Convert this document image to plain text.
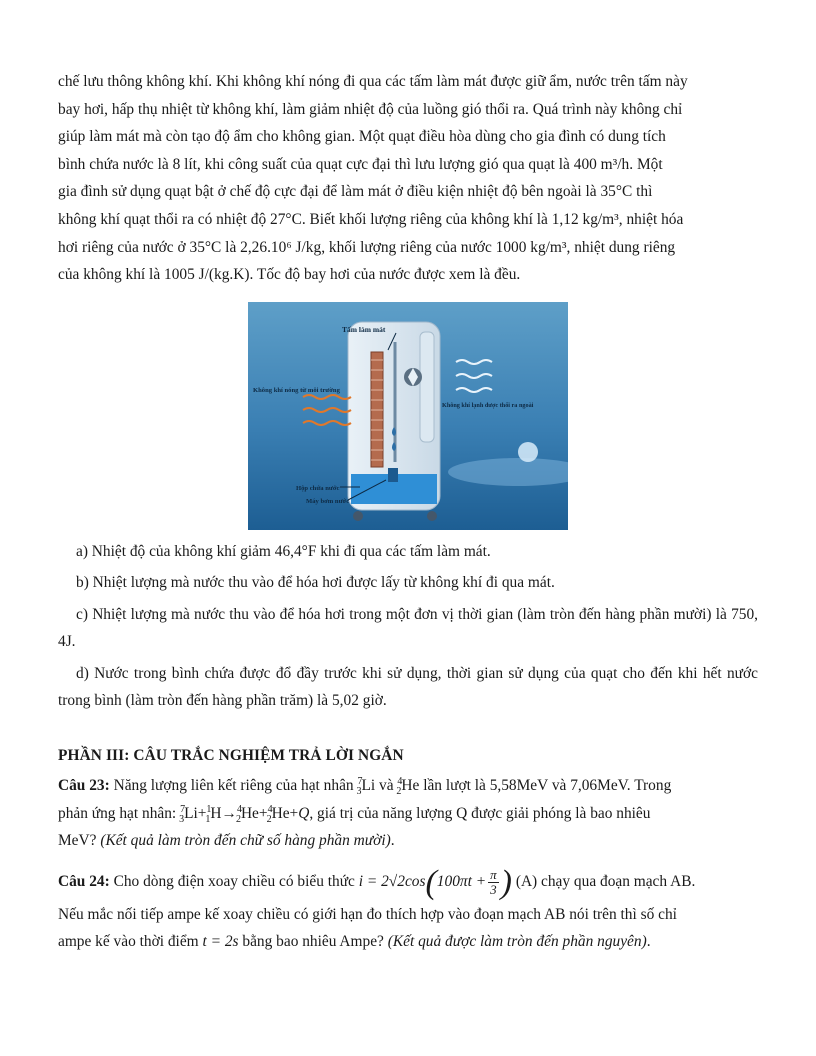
chế lưu thông không khí. Khi không khí nóng đi qua các tấm làm mát được giữ ẩm, nước trên tấm này

bay hơi, hấp thụ nhiệt từ không khí, làm giảm nhiệt độ của luồng gió thổi ra. Quá trình này không chỉ

giúp làm mát mà còn tạo độ ẩm cho không gian. Một quạt điều hòa dùng cho gia đình có dung tích

bình chứa nước là 8 lít, khi công suất của quạt cực đại thì lưu lượng gió qua quạt là 400 m³/h. Một

gia đình sử dụng quạt bật ở chế độ cực đại để làm mát ở điều kiện nhiệt độ bên ngoài là 35°C thì

không khí quạt thổi ra có nhiệt độ 27°C. Biết khối lượng riêng của không khí là 1,12 kg/m³, nhiệt hóa

hơi riêng của nước ở 35°C là 2,26.10⁶ J/kg, khối lượng riêng của nước 1000 kg/m³, nhiệt dung riêng

của không khí là 1005 J/(kg.K). Tốc độ bay hơi của nước được xem là đều.

Tấm làm mát
Không khí nóng từ môi trường
Không khí lạnh được thổi ra ngoài
Hộp chứa nước
Máy bơm nước

a) Nhiệt độ của không khí giảm 46,4°F khi đi qua các tấm làm mát.

b) Nhiệt lượng mà nước thu vào để hóa hơi được lấy từ không khí đi qua mát.

c) Nhiệt lượng mà nước thu vào để hóa hơi trong một đơn vị thời gian (làm tròn đến hàng phần mười) là 750, 4J.

d) Nước trong bình chứa được đổ đầy trước khi sử dụng, thời gian sử dụng của quạt cho đến khi hết nước trong bình (làm tròn đến hàng phần trăm) là 5,02 giờ.

PHẦN III: CÂU TRẮC NGHIỆM TRẢ LỜI NGẮN

Câu 23: Năng lượng liên kết riêng của hạt nhân $^7_3$Li và $^4_2$He lần lượt là 5,58MeV và 7,06MeV. Trong
phản ứng hạt nhân: $^7_3$Li+$^1_1$H→$^4_2$He+$^4_2$He+Q, giá trị của năng lượng Q được giải phóng là bao nhiêu
MeV? (Kết quả làm tròn đến chữ số hàng phần mười).

Câu 24: Cho dòng điện xoay chiều có biểu thức $i = 2√2\cos(100\pi t + \frac{\pi}{3}$ ) (A) chạy qua đoạn mạch AB.

Nếu mắc nối tiếp ampe kế xoay chiều có giới hạn đo thích hợp vào đoạn mạch AB nói trên thì số chỉ

ampe kế vào thời điểm t = 2s bằng bao nhiêu Ampe? (Kết quả được làm tròn đến phần nguyên).
